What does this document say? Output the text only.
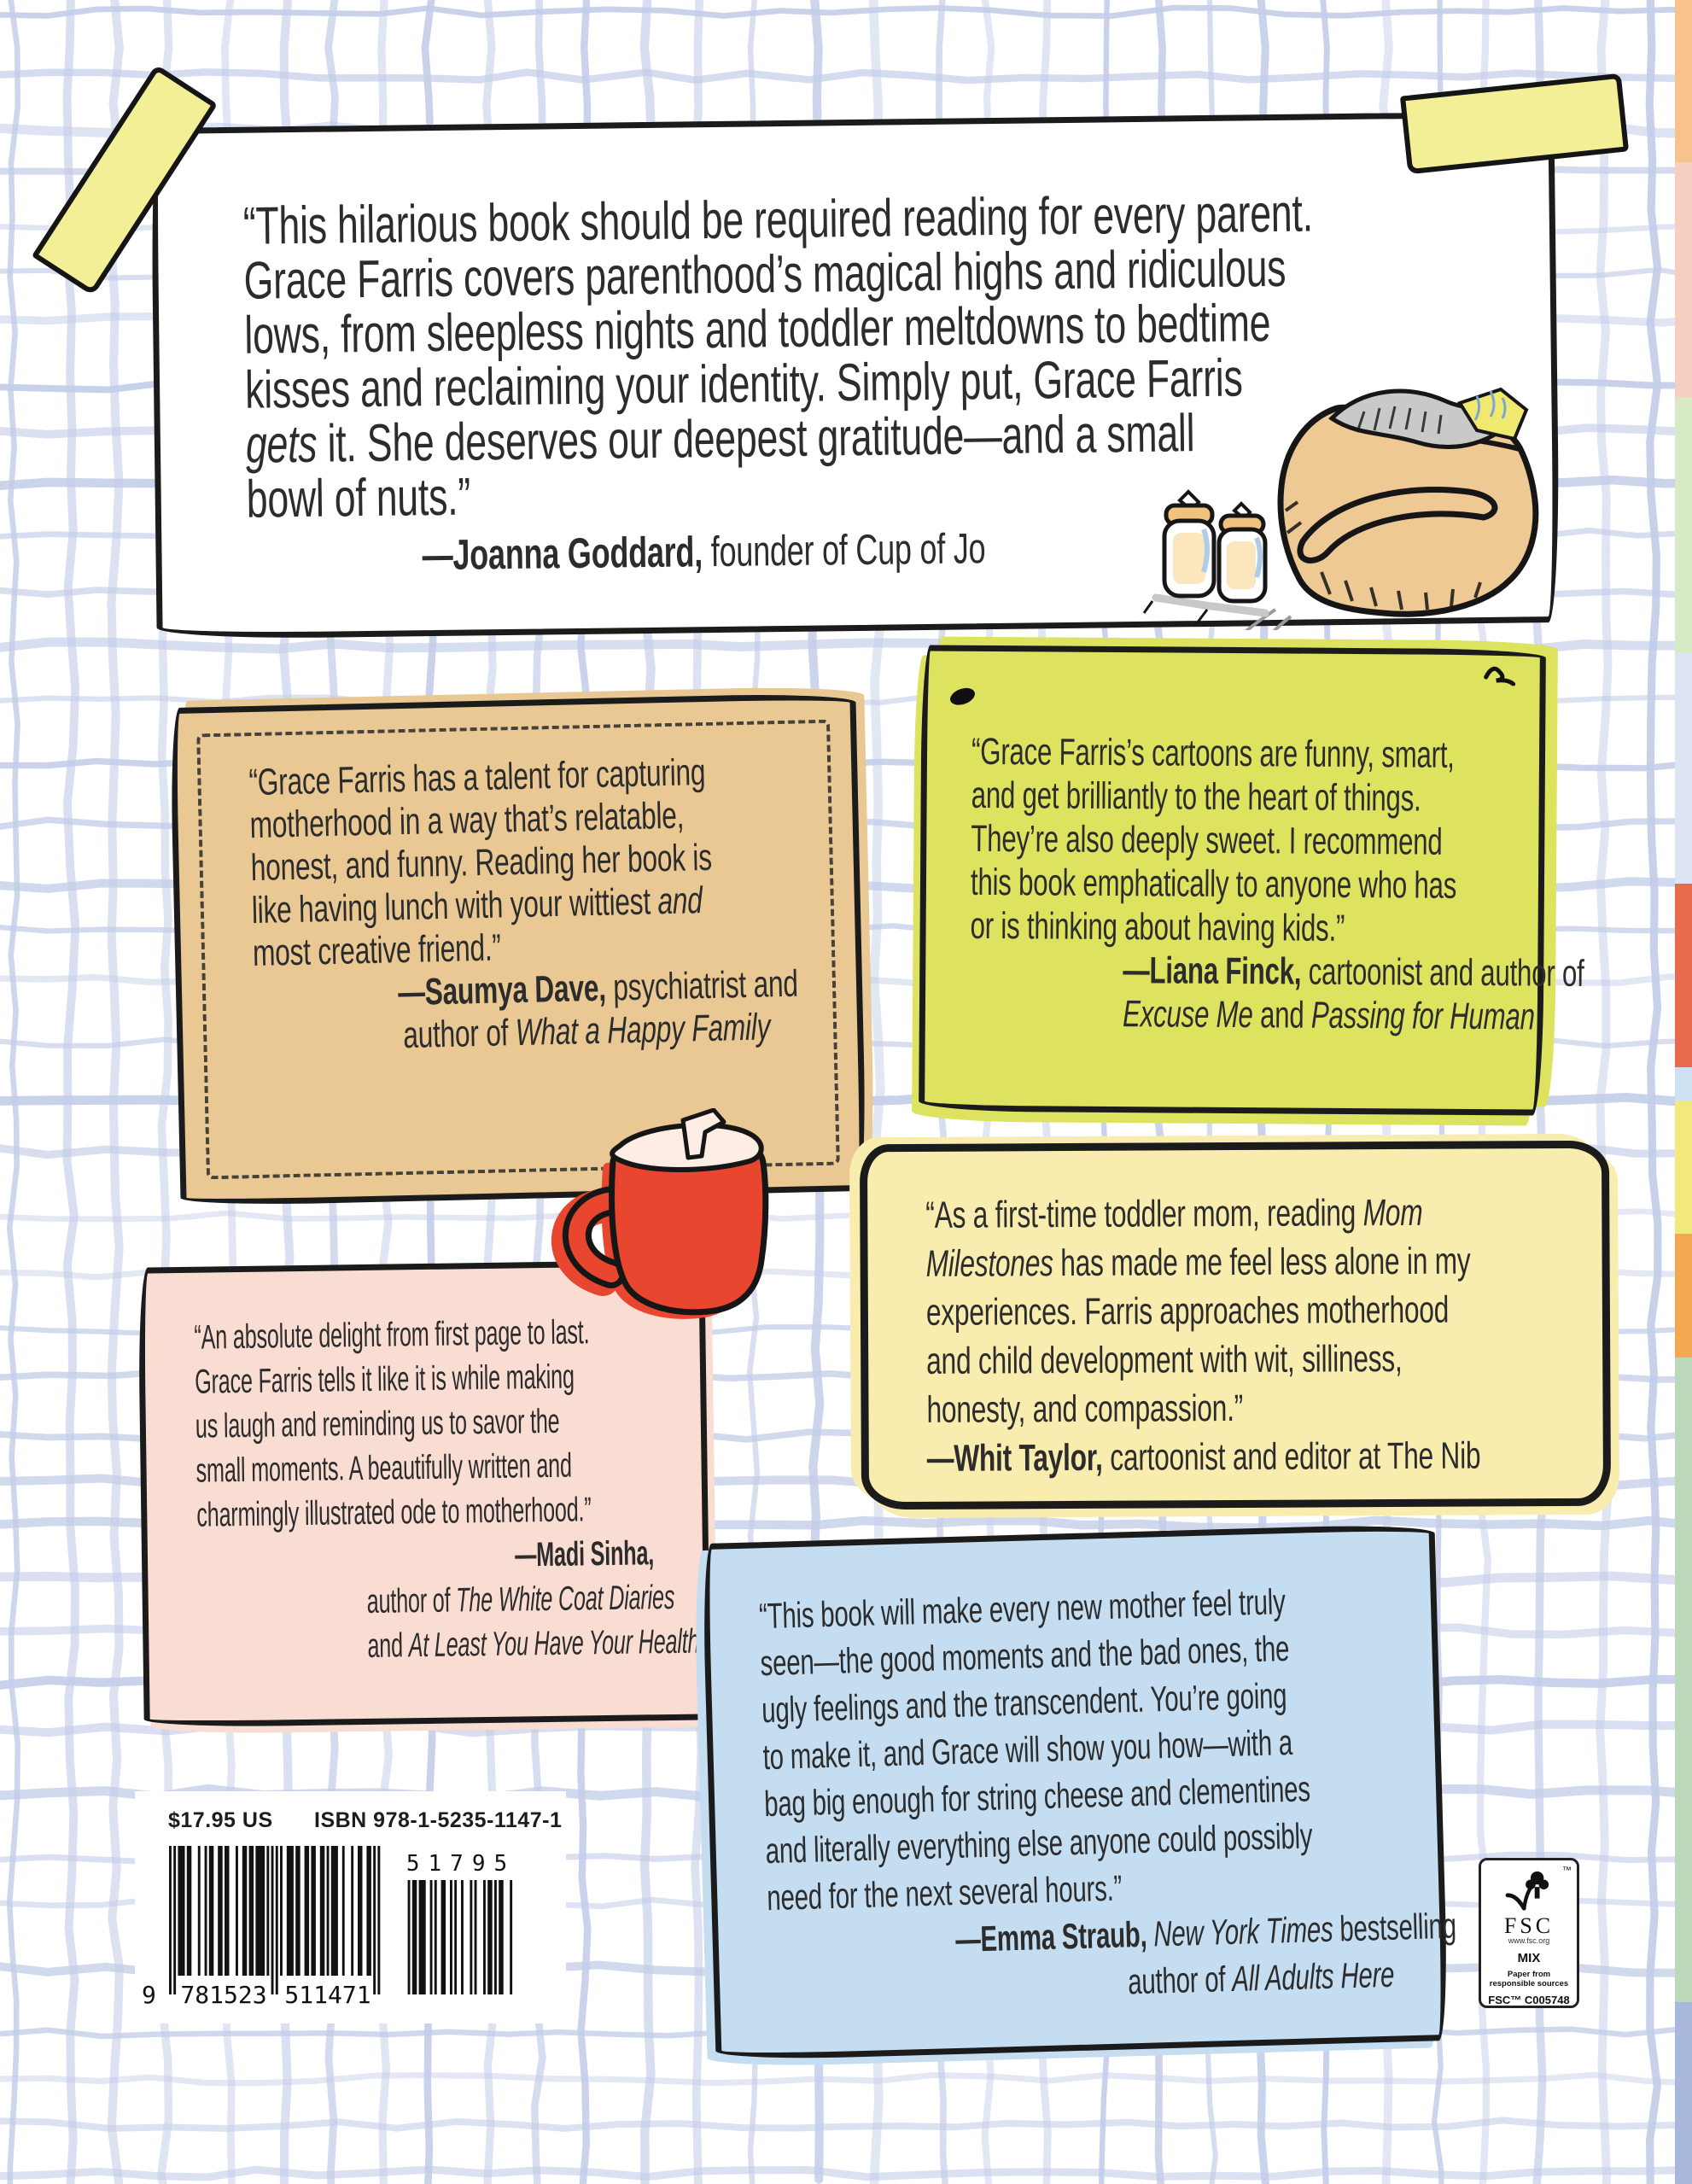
“This hilarious book should be required reading for every parent.
Grace Farris covers parenthood’s magical highs and ridiculous
lows, from sleepless nights and toddler meltdowns to bedtime
kisses and reclaiming your identity. Simply put, Grace Farris
gets it. She deserves our deepest gratitude—and a small
bowl of nuts.”
—Joanna Goddard, founder of Cup of Jo
“Grace Farris has a talent for capturing
motherhood in a way that’s relatable,
honest, and funny. Reading her book is
like having lunch with your wittiest and
most creative friend.”
—Saumya Dave, psychiatrist and
author of What a Happy Family
“Grace Farris’s cartoons are funny, smart,
and get brilliantly to the heart of things.
They’re also deeply sweet. I recommend
this book emphatically to anyone who has
or is thinking about having kids.”
—Liana Finck, cartoonist and author of
Excuse Me and Passing for Human
“An absolute delight from first page to last.
Grace Farris tells it like it is while making
us laugh and reminding us to savor the
small moments. A beautifully written and
charmingly illustrated ode to motherhood.”
—Madi Sinha,
author of The White Coat Diaries
and At Least You Have Your Health
“As a first-time toddler mom, reading Mom
Milestones has made me feel less alone in my
experiences. Farris approaches motherhood
and child development with wit, silliness,
honesty, and compassion.”
—Whit Taylor, cartoonist and editor at The Nib
“This book will make every new mother feel truly
seen—the good moments and the bad ones, the
ugly feelings and the transcendent. You’re going
to make it, and Grace will show you how—with a
bag big enough for string cheese and clementines
and literally everything else anyone could possibly
need for the next several hours.”
—Emma Straub, New York Times bestselling
author of All Adults Here
$17.95 US ISBN 978-1-5235-1147-1
9 781523 511471
51795	™
FSC
www.fsc.org
MIX
Paper from
responsible sources
FSC™ C005748
